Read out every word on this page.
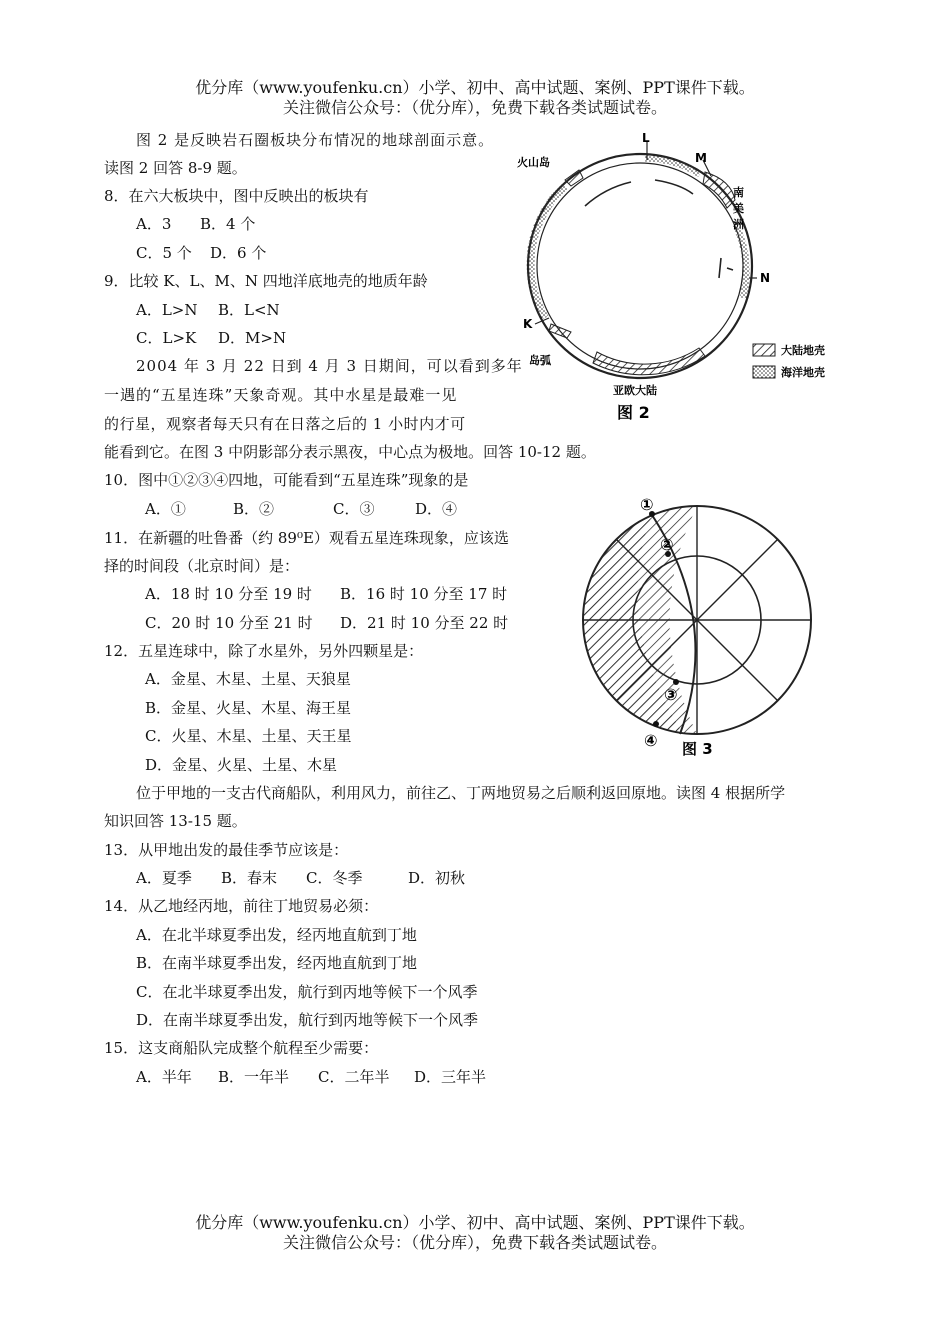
优分库（www.youfenku.cn）小学、初中、高中试题、案例、PPT课件下载。
关注微信公众号：（优分库），免费下载各类试题试卷。
图 2 是反映岩石圈板块分布情况的地球剖面示意。
读图 2 回答 8-9 题。
8．在六大板块中，图中反映出的板块有
A．3 B．4 个
C．5 个 D．6 个
9．比较 K、L、M、N 四地洋底地壳的地质年龄
A．L>N B．L<N
C．L>K D．M>N
2004 年 3 月 22 日到 4 月 3 日期间，可以看到多年
一遇的“五星连珠”天象奇观。其中水星是最难一见
的行星，观察者每天只有在日落之后的 1 小时内才可
能看到它。在图 3 中阴影部分表示黑夜，中心点为极地。回答 10-12 题。
10．图中①②③④四地，可能看到“五星连珠”现象的是
A．①	B．②	C．③	D．④
11．在新疆的吐鲁番（约 89⁰E）观看五星连珠现象，应该选
择的时间段（北京时间）是：
A．18 时 10 分至 19 时 B．16 时 10 分至 17 时
C．20 时 10 分至 21 时 D．21 时 10 分至 22 时
12．五星连球中，除了水星外，另外四颗星是：
A．金星、木星、土星、天狼星
B．金星、火星、木星、海王星
C．火星、木星、土星、天王星
D．金星、火星、土星、木星
位于甲地的一支古代商船队，利用风力，前往乙、丁两地贸易之后顺利返回原地。读图 4 根据所学
知识回答 13-15 题。
13．从甲地出发的最佳季节应该是：
A．夏季 B．春末 C．冬季	D．初秋
14．从乙地经丙地，前往丁地贸易必须：
A．在北半球夏季出发，经丙地直航到丁地
B．在南半球夏季出发，经丙地直航到丁地
C．在北半球夏季出发，航行到丙地等候下一个风季
D．在南半球夏季出发，航行到丙地等候下一个风季
15．这支商船队完成整个航程至少需要：
A．半年 B．一年半 C．二年半 D．三年半
L
M
N
K
火山岛
南
美
洲
岛弧
亚欧大陆
图 2
大陆地壳
海洋地壳
①
②
③
④ 图 3
优分库（www.youfenku.cn）小学、初中、高中试题、案例、PPT课件下载。
关注微信公众号：（优分库），免费下载各类试题试卷。
